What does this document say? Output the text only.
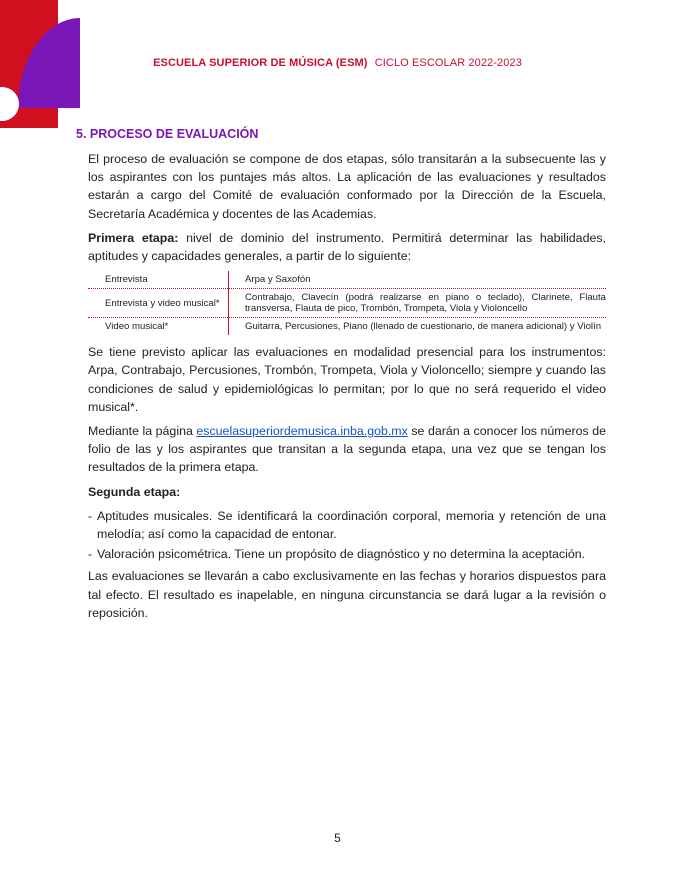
ESCUELA SUPERIOR DE MÚSICA (ESM) CICLO ESCOLAR 2022-2023
5. PROCESO DE EVALUACIÓN

El proceso de evaluación se compone de dos etapas, sólo transitarán a la subsecuente las y los aspirantes con los puntajes más altos. La aplicación de las evaluaciones y resultados estarán a cargo del Comité de evaluación conformado por la Dirección de la Escuela, Secretaría Académica y docentes de las Academias.

Primera etapa: nivel de dominio del instrumento. Permitirá determinar las habilidades, aptitudes y capacidades generales, a partir de lo siguiente:

Entrevista	Arpa y Saxofón
Entrevista y video musical*	Contrabajo, Clavecín (podrá realizarse en piano o teclado), Clarinete, Flauta transversa, Flauta de pico, Trombón, Trompeta, Viola y Violoncello
Video musical*	Guitarra, Percusiones, Piano (llenado de cuestionario, de manera adicional) y Violín

Se tiene previsto aplicar las evaluaciones en modalidad presencial para los instrumentos: Arpa, Contrabajo, Percusiones, Trombón, Trompeta, Viola y Violoncello; siempre y cuando las condiciones de salud y epidemiológicas lo permitan; por lo que no será requerido el video musical*.

Mediante la página escuelasuperiordemusica.inba.gob.mx se darán a conocer los números de folio de las y los aspirantes que transitan a la segunda etapa, una vez que se tengan los resultados de la primera etapa.

Segunda etapa:

- Aptitudes musicales. Se identificará la coordinación corporal, memoria y retención de una melodía; así como la capacidad de entonar.
- Valoración psicométrica. Tiene un propósito de diagnóstico y no determina la aceptación.

Las evaluaciones se llevarán a cabo exclusivamente en las fechas y horarios dispuestos para tal efecto. El resultado es inapelable, en ninguna circunstancia se dará lugar a la revisión o reposición.

5
